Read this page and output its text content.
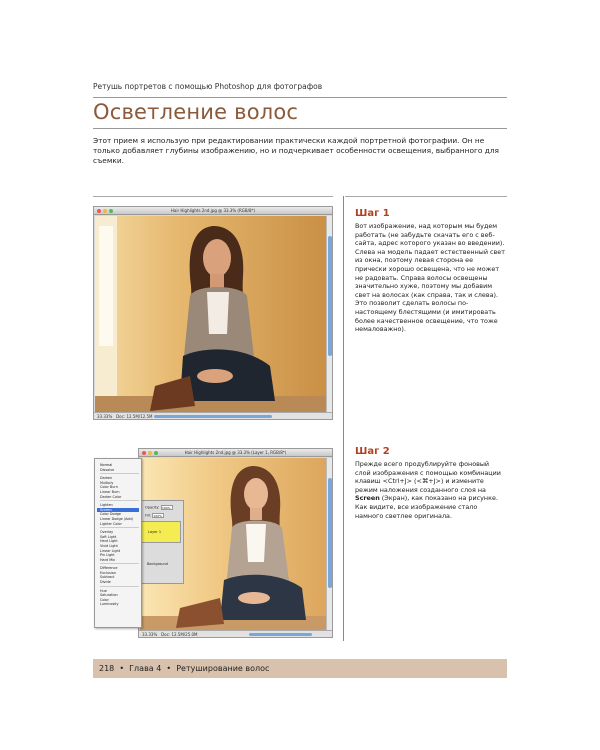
Ретушь портретов с помощью Photoshop для фотографов
Осветление волос
Этот прием я использую при редактировании практически каждой портретной фотографии. Он не только добавляет глубины изображению, но и подчеркивает особенности освещения, выбранного для съемки.
Hair Highlights 2nd.jpg @ 33.3% (RGB/8*)
33.33% Doc: 12.5M/12.5M
Шаг 1
Вот изображение, над которым мы будем работать (не забудьте скачать его с веб-сайта, адрес которого указан во введении). Слева на модель падает естественный свет из окна, поэтому левая сторона ее прически хорошо освещена, что не может не радовать. Справа волосы освещены значительно хуже, поэтому мы добавим свет на волосах (как справа, так и слева). Это позволит сделать волосы по-настоящему блестящими (и имитировать более качественное освещение, что тоже немаловажно).
Hair Highlights 2nd.jpg @ 33.3% (Layer 1, RGB/8*)
33.33% Doc: 12.5M/25.0M
Opacity: 100%
Fill: 100%
Layer 1
Background
Normal
Dissolve
Darken
Multiply
Color Burn
Linear Burn
Darker Color
Lighten
Screen
Color Dodge
Linear Dodge (Add)
Lighter Color
Overlay
Soft Light
Hard Light
Vivid Light
Linear Light
Pin Light
Hard Mix
Difference
Exclusion
Subtract
Divide
Hue
Saturation
Color
Luminosity
Шаг 2
Прежде всего продублируйте фоновый слой изображения с помощью комбинации клавиш <Ctrl+J> (<⌘+J>) и измените режим наложения созданного слоя на Screen (Экран), как показано на рисунке. Как видите, все изображение стало намного светлее оригинала.
218  •  Глава 4  •  Ретуширование волос
